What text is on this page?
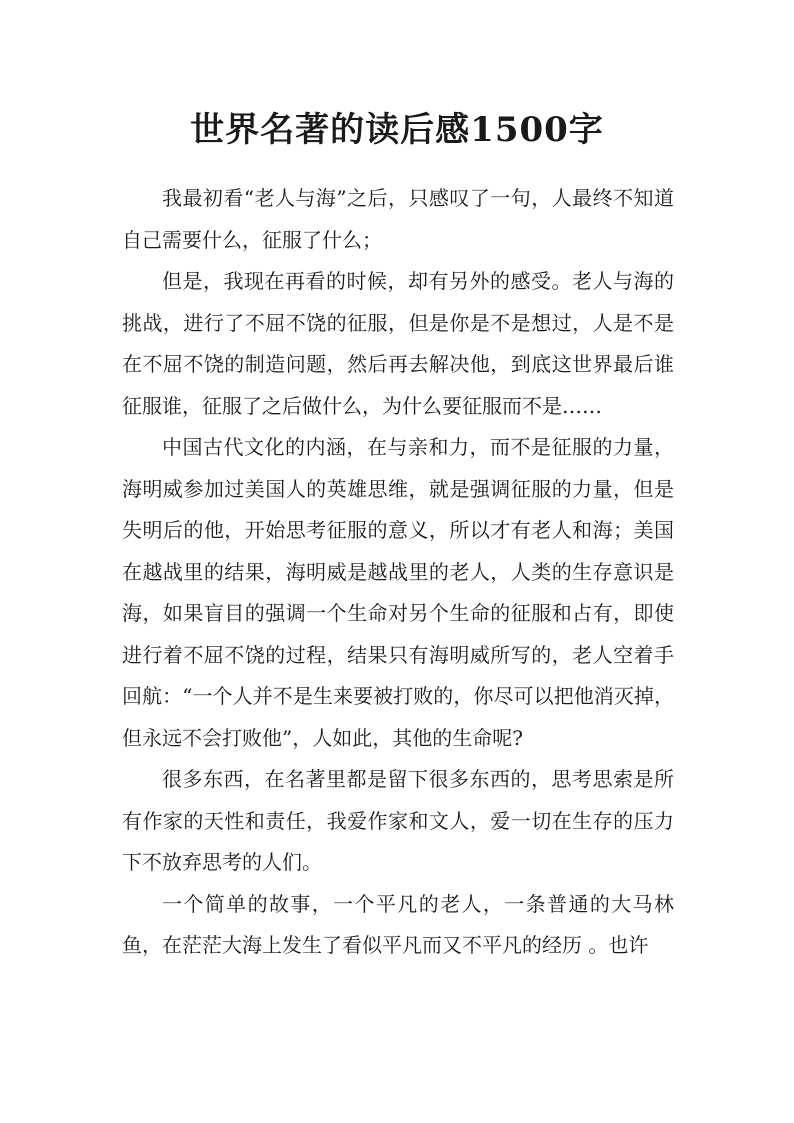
世界名著的读后感1500字

我最初看“老人与海”之后，只感叹了一句，人最终不知道自己需要什么，征服了什么；

但是，我现在再看的时候，却有另外的感受。老人与海的挑战，进行了不屈不饶的征服，但是你是不是想过，人是不是在不屈不饶的制造问题，然后再去解决他，到底这世界最后谁征服谁，征服了之后做什么，为什么要征服而不是……

中国古代文化的内涵，在与亲和力，而不是征服的力量，海明威参加过美国人的英雄思维，就是强调征服的力量，但是失明后的他，开始思考征服的意义，所以才有老人和海；美国在越战里的结果，海明威是越战里的老人，人类的生存意识是海，如果盲目的强调一个生命对另个生命的征服和占有，即使进行着不屈不饶的过程，结果只有海明威所写的，老人空着手回航：“一个人并不是生来要被打败的，你尽可以把他消灭掉，但永远不会打败他”，人如此，其他的生命呢?

很多东西，在名著里都是留下很多东西的，思考思索是所有作家的天性和责任，我爱作家和文人，爱一切在生存的压力下不放弃思考的人们。

一个简单的故事，一个平凡的老人，一条普通的大马林鱼，在茫茫大海上发生了看似平凡而又不平凡的经历 。也许
